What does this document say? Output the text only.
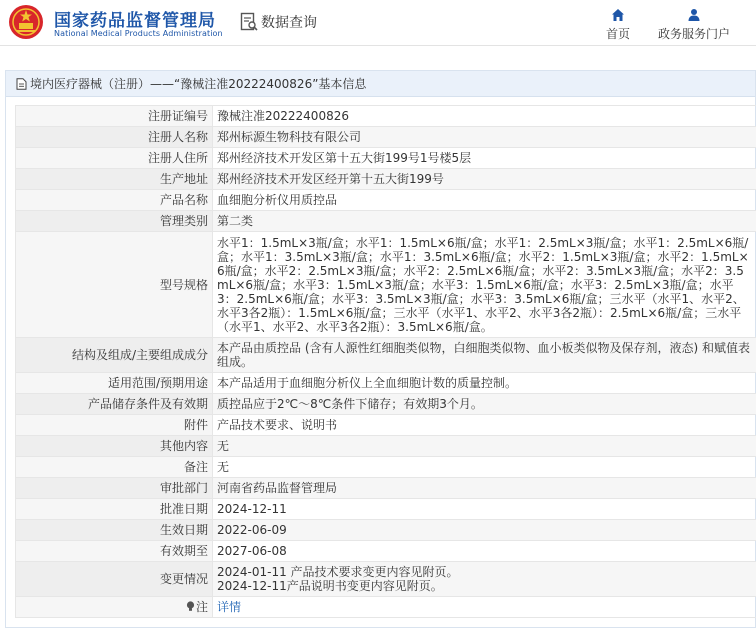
国家药品监督管理局
National Medical Products Administration
数据查询
首页	政务服务门户
境内医疗器械（注册）——“豫械注准20222400826”基本信息
注册证编号	豫械注准20222400826
注册人名称	郑州标源生物科技有限公司
注册人住所	郑州经济技术开发区第十五大街199号1号楼5层
生产地址	郑州经济技术开发区经开第十五大街199号
产品名称	血细胞分析仪用质控品
管理类别	第二类
型号规格	水平1：1.5mL×3瓶/盒；水平1：1.5mL×6瓶/盒；水平1：2.5mL×3瓶/盒；水平1：2.5mL×6瓶/盒；水平1：3.5mL×3瓶/盒；水平1：3.5mL×6瓶/盒；水平2：1.5mL×3瓶/盒；水平2：1.5mL×6瓶/盒；水平2：2.5mL×3瓶/盒；水平2：2.5mL×6瓶/盒；水平2：3.5mL×3瓶/盒；水平2：3.5mL×6瓶/盒；水平3：1.5mL×3瓶/盒；水平3：1.5mL×6瓶/盒；水平3：2.5mL×3瓶/盒；水平3：2.5mL×6瓶/盒；水平3：3.5mL×3瓶/盒；水平3：3.5mL×6瓶/盒；三水平（水平1、水平2、水平3各2瓶）：1.5mL×6瓶/盒；三水平（水平1、水平2、水平3各2瓶）：2.5mL×6瓶/盒；三水平（水平1、水平2、水平3各2瓶）：3.5mL×6瓶/盒。
结构及组成/主要组成成分	本产品由质控品 (含有人源性红细胞类似物，白细胞类似物、血小板类似物及保存剂，液态) 和赋值表组成。
适用范围/预期用途	本产品适用于血细胞分析仪上全血细胞计数的质量控制。
产品储存条件及有效期	质控品应于2℃～8℃条件下储存；有效期3个月。
附件	产品技术要求、说明书
其他内容	无
备注	无
审批部门	河南省药品监督管理局
批准日期	2024-12-11
生效日期	2022-06-09
有效期至	2027-06-08
变更情况	2024-01-11 产品技术要求变更内容见附页。
2024-12-11产品说明书变更内容见附页。

注	详情
